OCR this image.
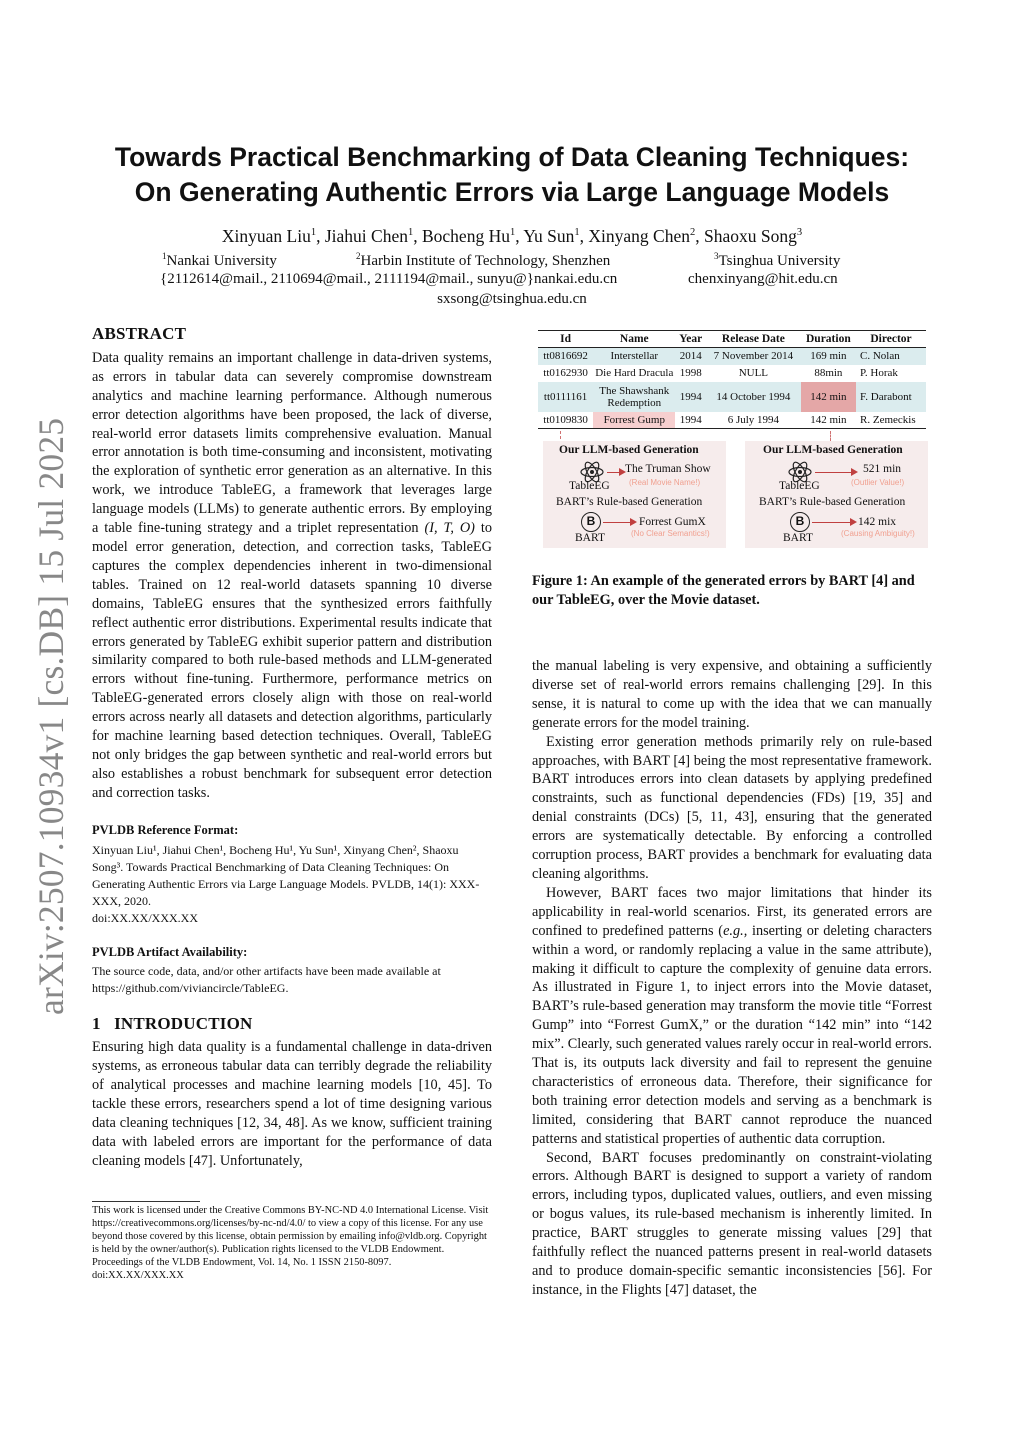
arXiv:2507.10934v1 [cs.DB] 15 Jul 2025
Towards Practical Benchmarking of Data Cleaning Techniques:
On Generating Authentic Errors via Large Language Models
Xinyuan Liu$^1$, Jiahui Chen$^1$, Bocheng Hu$^1$, Yu Sun$^1$, Xinyang Chen$^2$, Shaoxu Song$^3$
$^1$Nankai University	$^2$Harbin Institute of Technology, Shenzhen	$^3$Tsinghua University
{2112614@mail., 2110694@mail., 2111194@mail., sunyu@}nankai.edu.cn	chenxinyang@hit.edu.cn
sxsong@tsinghua.edu.cn
ABSTRACT

Data quality remains an important challenge in data-driven systems, as errors in tabular data can severely compromise downstream analytics and machine learning performance. Although numerous error detection algorithms have been proposed, the lack of diverse, real-world error datasets limits comprehensive evaluation. Manual error annotation is both time-consuming and inconsistent, motivating the exploration of synthetic error generation as an alternative. In this work, we introduce TableEG, a framework that leverages large language models (LLMs) to generate authentic errors. By employing a table fine-tuning strategy and a triplet representation (I, T, O) to model error generation, detection, and correction tasks, TableEG captures the complex dependencies inherent in two-dimensional tables. Trained on 12 real-world datasets spanning 10 diverse domains, TableEG ensures that the synthesized errors faithfully reflect authentic error distributions. Experimental results indicate that errors generated by TableEG exhibit superior pattern and distribution similarity compared to both rule-based methods and LLM-generated errors without fine-tuning. Furthermore, performance metrics on TableEG-generated errors closely align with those on real-world errors across nearly all datasets and detection algorithms, particularly for machine learning based detection techniques. Overall, TableEG not only bridges the gap between synthetic and real-world errors but also establishes a robust benchmark for subsequent error detection and correction tasks.

PVLDB Reference Format:
Xinyuan Liu¹, Jiahui Chen¹, Bocheng Hu¹, Yu Sun¹, Xinyang Chen², Shaoxu Song³. Towards Practical Benchmarking of Data Cleaning Techniques: On Generating Authentic Errors via Large Language Models. PVLDB, 14(1): XXX-XXX, 2020.
doi:XX.XX/XXX.XX
PVLDB Artifact Availability:
The source code, data, and/or other artifacts have been made available at https://github.com/viviancircle/TableEG.
1 INTRODUCTION

Ensuring high data quality is a fundamental challenge in data-driven systems, as erroneous tabular data can terribly degrade the reliability of analytical processes and machine learning models [10, 45]. To tackle these errors, researchers spend a lot of time designing various data cleaning techniques [12, 34, 48]. As we know, sufficient training data with labeled errors are important for the performance of data cleaning models [47]. Unfortunately,

This work is licensed under the Creative Commons BY-NC-ND 4.0 International License. Visit https://creativecommons.org/licenses/by-nc-nd/4.0/ to view a copy of this license. For any use beyond those covered by this license, obtain permission by emailing info@vldb.org. Copyright is held by the owner/author(s). Publication rights licensed to the VLDB Endowment.
Proceedings of the VLDB Endowment, Vol. 14, No. 1 ISSN 2150-8097.
doi:XX.XX/XXX.XX
Id	Name	Year	Release Date	Duration	Director
tt0816692	Interstellar	2014	7 November 2014	169 min	C. Nolan
tt0162930	Die Hard Dracula	1998	NULL	88min	P. Horak
tt0111161	The Shawshank Redemption	1994	14 October 1994	142 min	F. Darabont
tt0109830	Forrest Gump	1994	6 July 1994	142 min	R. Zemeckis
Our LLM-based Generation
The Truman Show
(Real Movie Name!)
TableEG
BART’s Rule-based Generation
B	Forrest GumX
(No Clear Semantics!)
BART
Our LLM-based Generation
521 min
(Outlier Value!)
TableEG
BART’s Rule-based Generation
B	142 mix
(Causing Ambiguity!)
BART
Figure 1: An example of the generated errors by BART [4] and our TableEG, over the Movie dataset.

the manual labeling is very expensive, and obtaining a sufficiently diverse set of real-world errors remains challenging [29]. In this sense, it is natural to come up with the idea that we can manually generate errors for the model training.

Existing error generation methods primarily rely on rule-based approaches, with BART [4] being the most representative framework. BART introduces errors into clean datasets by applying predefined constraints, such as functional dependencies (FDs) [19, 35] and denial constraints (DCs) [5, 11, 43], ensuring that the generated errors are systematically detectable. By enforcing a controlled corruption process, BART provides a benchmark for evaluating data cleaning algorithms.

However, BART faces two major limitations that hinder its applicability in real-world scenarios. First, its generated errors are confined to predefined patterns (e.g., inserting or deleting characters within a word, or randomly replacing a value in the same attribute), making it difficult to capture the complexity of genuine data errors. As illustrated in Figure 1, to inject errors into the Movie dataset, BART’s rule-based generation may transform the movie title “Forrest Gump” into “Forrest GumX,” or the duration “142 min” into “142 mix”. Clearly, such generated values rarely occur in real-world errors. That is, its outputs lack diversity and fail to represent the genuine characteristics of erroneous data. Therefore, their significance for both training error detection models and serving as a benchmark is limited, considering that BART cannot reproduce the nuanced patterns and statistical properties of authentic data corruption.

Second, BART focuses predominantly on constraint-violating errors. Although BART is designed to support a variety of random errors, including typos, duplicated values, outliers, and even missing or bogus values, its rule-based mechanism is inherently limited. In practice, BART struggles to generate missing values [29] that faithfully reflect the nuanced patterns present in real-world datasets and to produce domain-specific semantic inconsistencies [56]. For instance, in the Flights [47] dataset, the
